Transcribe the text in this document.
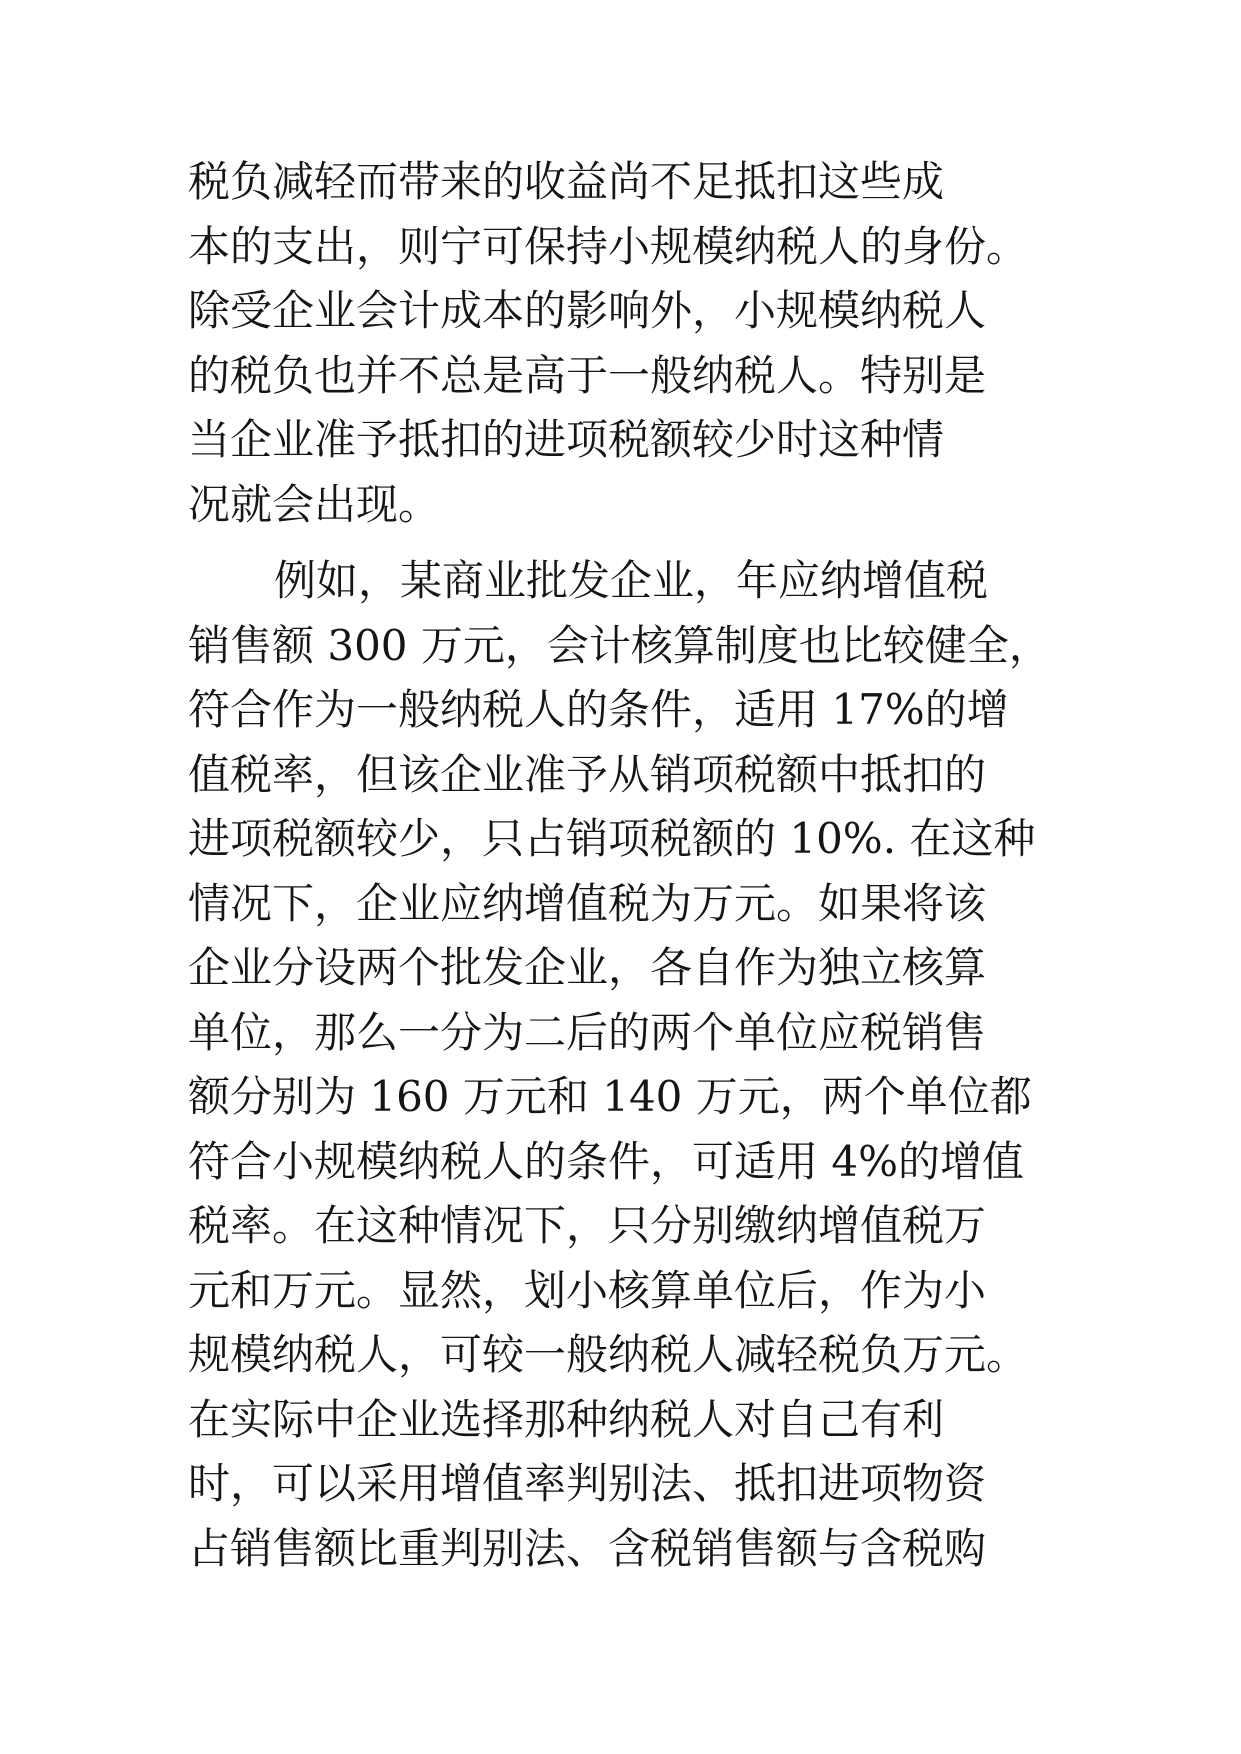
税负减轻而带来的收益尚不足抵扣这些成
本的支出，则宁可保持小规模纳税人的身份。
除受企业会计成本的影响外，小规模纳税人
的税负也并不总是高于一般纳税人。特别是
当企业准予抵扣的进项税额较少时这种情
况就会出现。
例如，某商业批发企业，年应纳增值税
销售额 300 万元，会计核算制度也比较健全，
符合作为一般纳税人的条件，适用 17%的增
值税率，但该企业准予从销项税额中抵扣的
进项税额较少，只占销项税额的 10%. 在这种
情况下，企业应纳增值税为万元。如果将该
企业分设两个批发企业，各自作为独立核算
单位，那么一分为二后的两个单位应税销售
额分别为 160 万元和 140 万元，两个单位都
符合小规模纳税人的条件，可适用 4%的增值
税率。在这种情况下，只分别缴纳增值税万
元和万元。显然，划小核算单位后，作为小
规模纳税人，可较一般纳税人减轻税负万元。
在实际中企业选择那种纳税人对自己有利
时，可以采用增值率判别法、抵扣进项物资
占销售额比重判别法、含税销售额与含税购
